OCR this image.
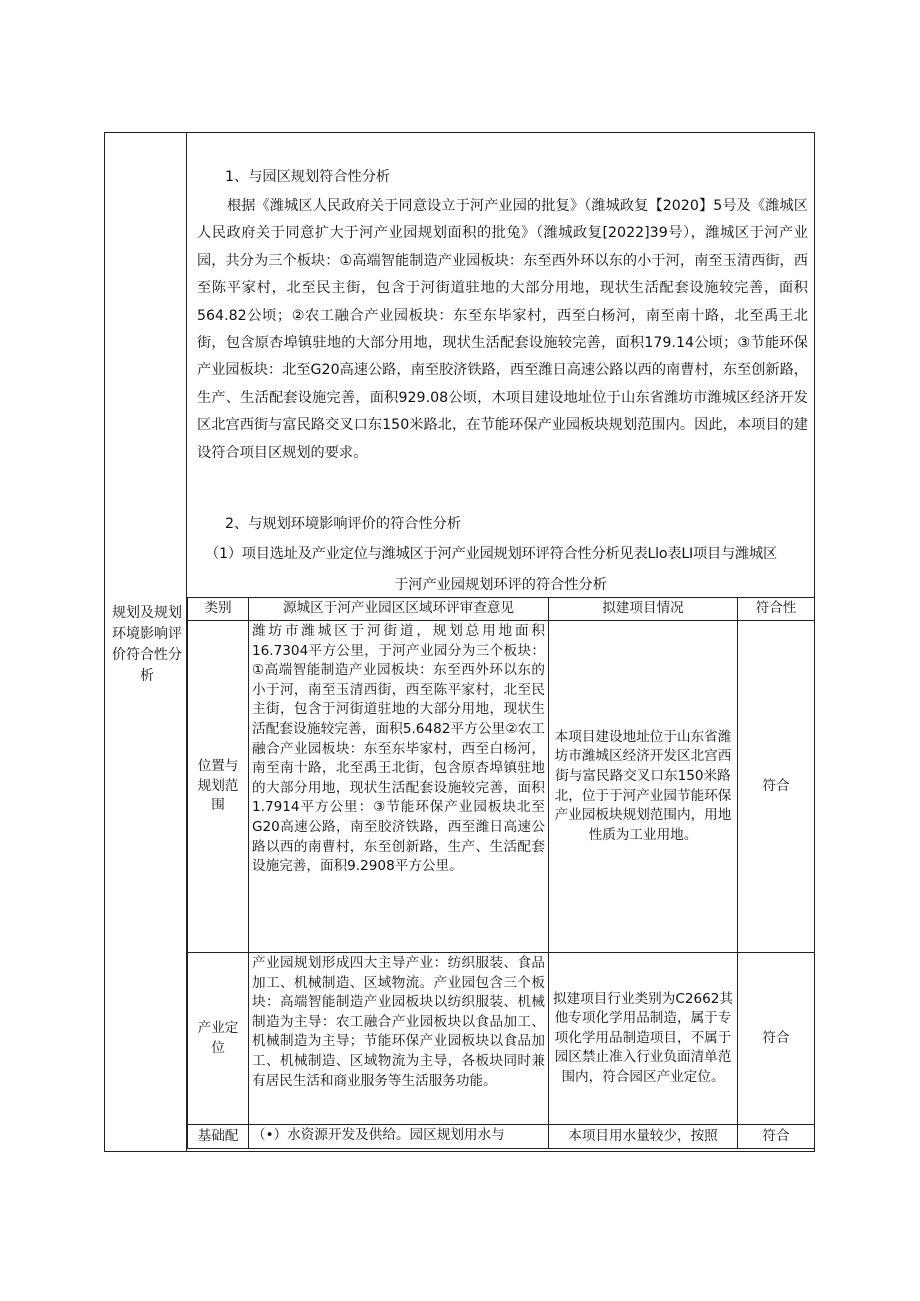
规划及规划环境影响评价符合性分析
1、与园区规划符合性分析
根据《潍城区人民政府关于同意设立于河产业园的批复》（潍城政复【2020】5号及《潍城区人民政府关于同意扩大于河产业园规划面积的批兔》（潍城政复[2022]39号），潍城区于河产业园，共分为三个板块：①高端智能制造产业园板块：东至西外环以东的小于河，南至玉清西街，西至陈平家村，北至民主街，包含于河街道驻地的大部分用地，现状生活配套设施较完善，面积564.82公顷；②农工融合产业园板块：东至东毕家村，西至白杨河，南至南十路，北至禹王北街，包含原杏埠镇驻地的大部分用地，现状生活配套设施较完善，面积179.14公顷；③节能环保产业园板块：北至G20高速公路，南至胶济铁路，西至潍日高速公路以西的南曹村，东至创新路，生产、生活配套设施完善，面积929.08公顷，木项目建设地址位于山东省潍坊市潍城区经济开发区北宫西街与富民路交叉口东150米路北，在节能环保产业园板块规划范围内。因此，本项目的建设符合项目区规划的要求。
2、与规划环境影响评价的符合性分析
（1）项目选址及产业定位与潍城区于河产业园规划环评符合性分析见表Llo表LI项目与潍城区
于河产业园规划环评的符合性分析
类别	源城区于河产业园区区域环评审查意见	拟建项目情况	符合性
位置与规划范围	潍坊市潍城区于河街道，规划总用地面积16.7304平方公里，于河产业园分为三个板块：①高端智能制造产业园板块：东至西外环以东的小于河，南至玉清西街，西至陈平家村，北至民主街，包含于河街道驻地的大部分用地，现状生活配套设施较完善，面积5.6482平方公里②农工融合产业园板块：东至东毕家村，西至白杨河，南至南十路，北至禹王北街，包含原杏埠镇驻地的大部分用地，现状生活配套设施较完善，面积1.7914平方公里：③节能环保产业园板块北至G20高速公路，南至胶济铁路，西至潍日高速公路以西的南曹村，东至创新路，生产、生活配套设施完善，面积9.2908平方公里。	本项目建设地址位于山东省潍坊市潍城区经济开发区北宫西街与富民路交叉口东150米路北，位于于河产业园节能环保产业园板块规划范围内，用地性质为工业用地。	符合
产业定位	产业园规划形成四大主导产业：纺织服装、食品加工、机械制造、区域物流。产业园包含三个板块：高端智能制造产业园板块以纺织服装、机械制造为主导：农工融合产业园板块以食品加工、机械制造为主导；节能环保产业园板块以食品加工、机械制造、区域物流为主导，各板块同时兼有居民生活和商业服务等生活服务功能。	拟建项目行业类别为C2662其他专项化学用品制造，属于专项化学用品制造项目，不属于园区禁止准入行业负面清单范围内，符合园区产业定位。	符合
基础配	（•）水资源开发及供给。园区规划用水与	本项目用水量较少，按照	符合
